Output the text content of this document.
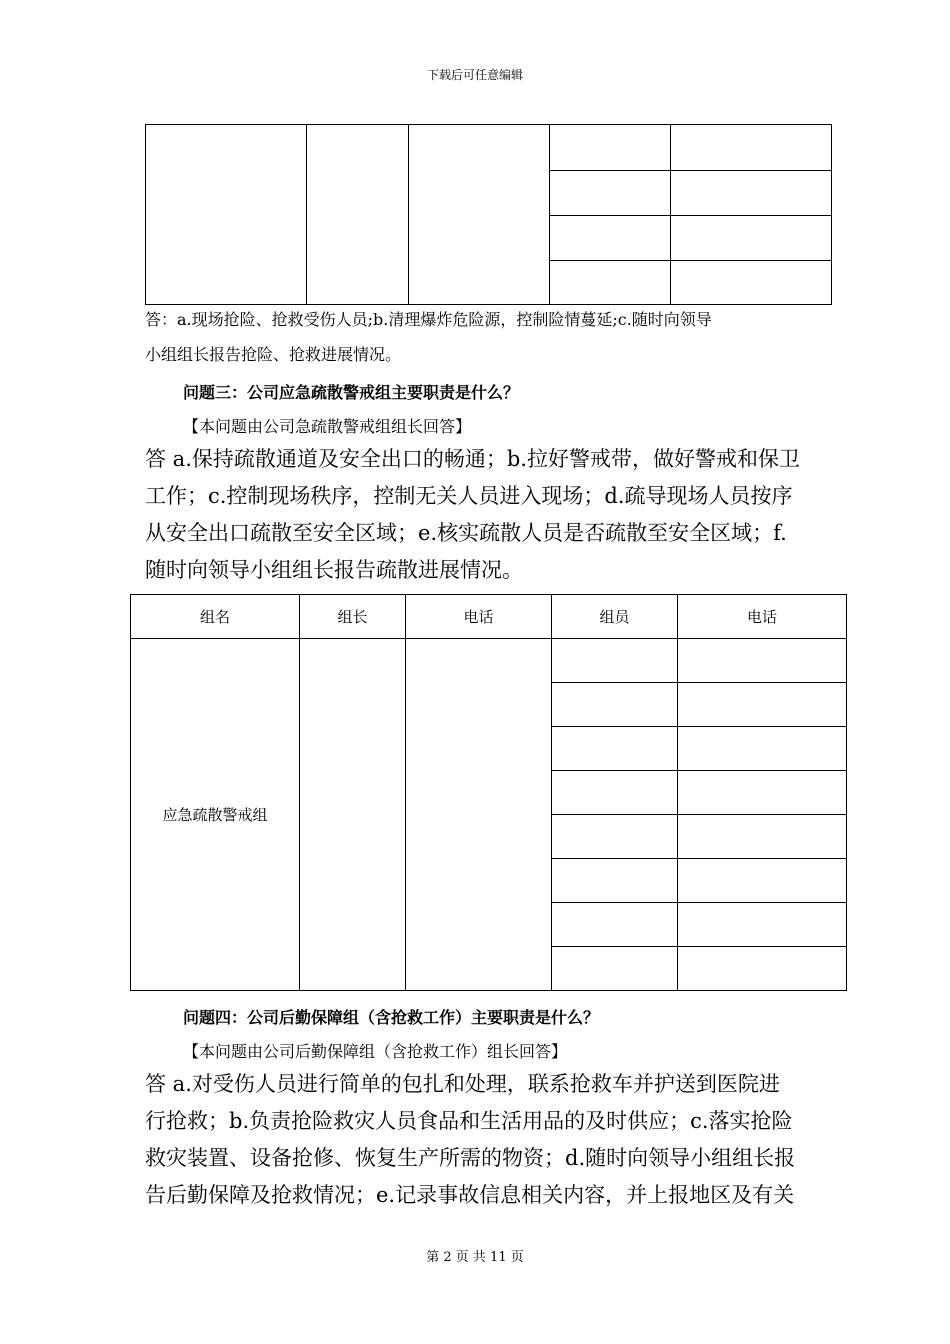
下载后可任意编辑
答：a.现场抢险、抢救受伤人员;b.清理爆炸危险源，控制险情蔓延;c.随时向领导
小组组长报告抢险、抢救进展情况。
问题三：公司应急疏散警戒组主要职责是什么？
【本问题由公司急疏散警戒组组长回答】
答 a.保持疏散通道及安全出口的畅通；b.拉好警戒带，做好警戒和保卫
工作；c.控制现场秩序，控制无关人员进入现场；d.疏导现场人员按序
从安全出口疏散至安全区域；e.核实疏散人员是否疏散至安全区域；f.
随时向领导小组组长报告疏散进展情况。
组名	组长	电话	组员	电话
应急疏散警戒组				

问题四：公司后勤保障组（含抢救工作）主要职责是什么？
【本问题由公司后勤保障组（含抢救工作）组长回答】
答 a.对受伤人员进行简单的包扎和处理，联系抢救车并护送到医院进
行抢救；b.负责抢险救灾人员食品和生活用品的及时供应；c.落实抢险
救灾装置、设备抢修、恢复生产所需的物资；d.随时向领导小组组长报
告后勤保障及抢救情况；e.记录事故信息相关内容，并上报地区及有关
第 2 页 共 11 页
